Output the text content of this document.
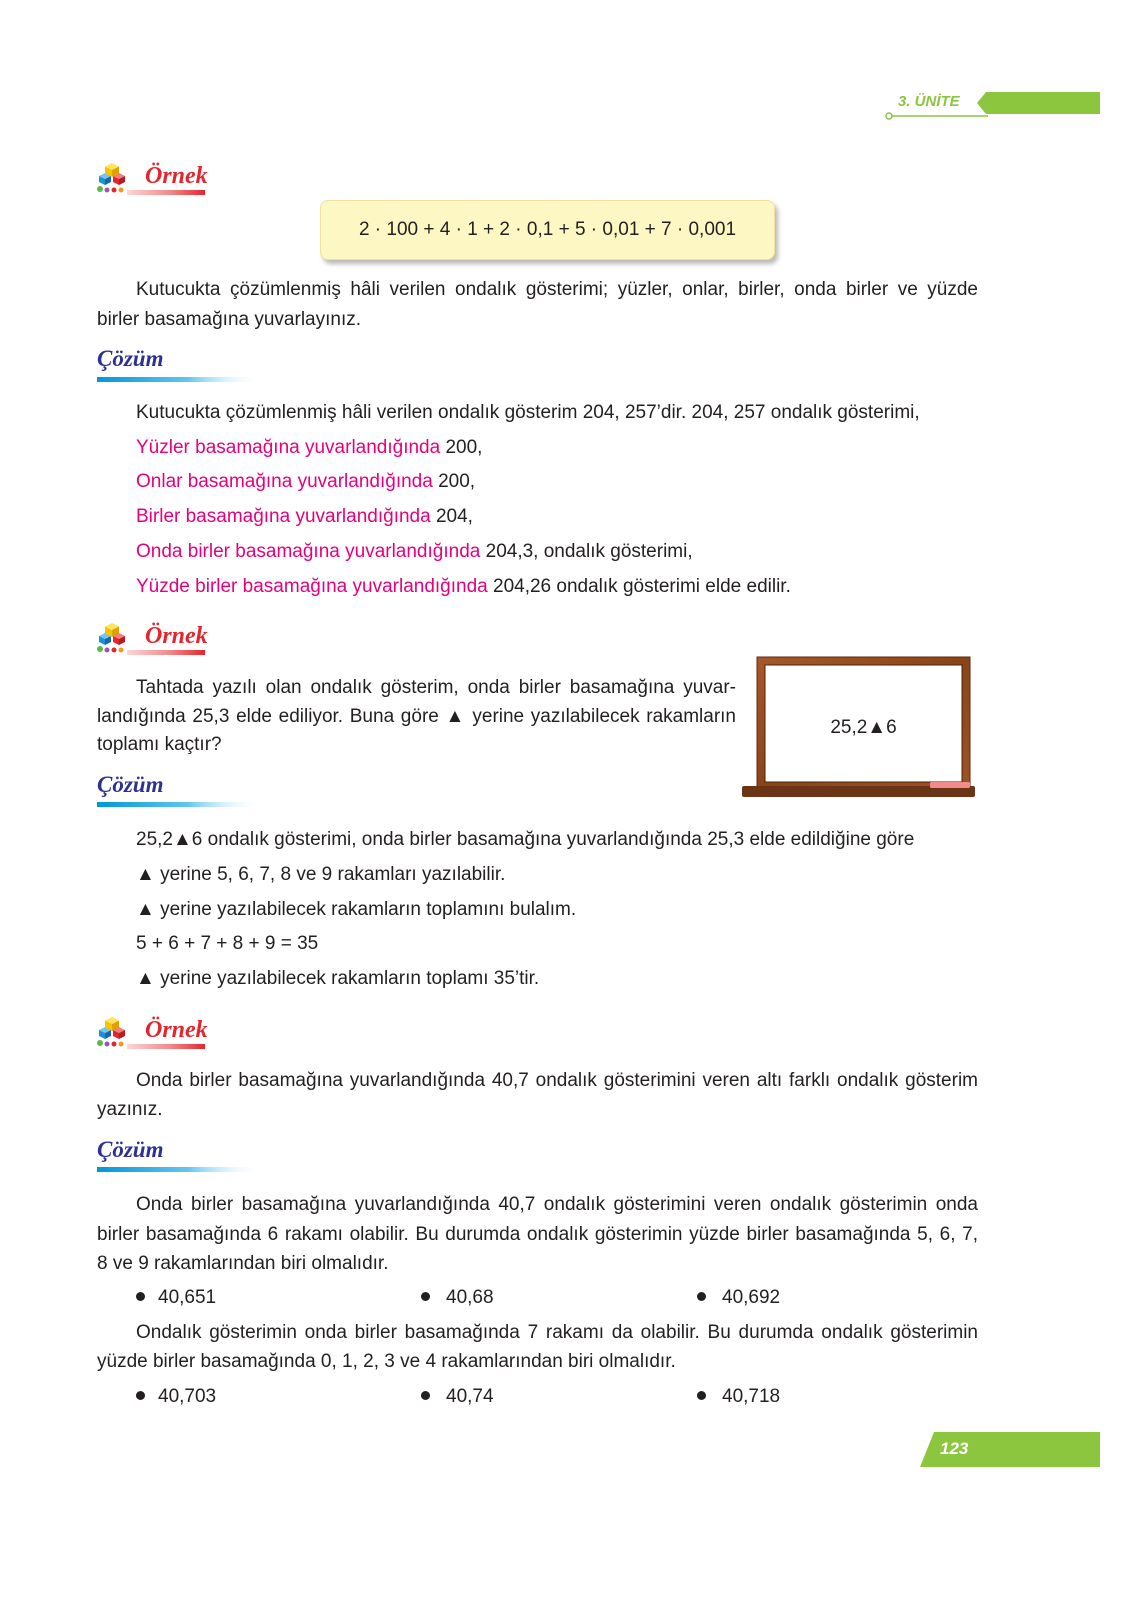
3. ÜNİTE
Örnek
2 · 100 + 4 · 1 + 2 · 0,1 + 5 · 0,01 + 7 · 0,001
Kutucukta çözümlenmiş hâli verilen ondalık gösterimi; yüzler, onlar, birler, onda birler ve yüzde
birler basamağına yuvarlayınız.
Çözüm
Kutucukta çözümlenmiş hâli verilen ondalık gösterim 204, 257’dir. 204, 257 ondalık gösterimi,
Yüzler basamağına yuvarlandığında 200,
Onlar basamağına yuvarlandığında 200,
Birler basamağına yuvarlandığında 204,
Onda birler basamağına yuvarlandığında 204,3, ondalık gösterimi,
Yüzde birler basamağına yuvarlandığında 204,26 ondalık gösterimi elde edilir.
Örnek
Tahtada yazılı olan ondalık gösterim, onda birler basamağına yuvar-
landığında 25,3 elde ediliyor. Buna göre ▲ yerine yazılabilecek rakamların
toplamı kaçtır?
25,2▲6
Çözüm
25,2▲6 ondalık gösterimi, onda birler basamağına yuvarlandığında 25,3 elde edildiğine göre
▲ yerine 5, 6, 7, 8 ve 9 rakamları yazılabilir.
▲ yerine yazılabilecek rakamların toplamını bulalım.
5 + 6 + 7 + 8 + 9 = 35
▲ yerine yazılabilecek rakamların toplamı 35’tir.
Örnek
Onda birler basamağına yuvarlandığında 40,7 ondalık gösterimini veren altı farklı ondalık gösterim
yazınız.
Çözüm
Onda birler basamağına yuvarlandığında 40,7 ondalık gösterimini veren ondalık gösterimin onda
birler basamağında 6 rakamı olabilir. Bu durumda ondalık gösterimin yüzde birler basamağında 5, 6, 7,
8 ve 9 rakamlarından biri olmalıdır.
40,651	40,68	40,692
Ondalık gösterimin onda birler basamağında 7 rakamı da olabilir. Bu durumda ondalık gösterimin
yüzde birler basamağında 0, 1, 2, 3 ve 4 rakamlarından biri olmalıdır.
40,703	40,74	40,718
123
